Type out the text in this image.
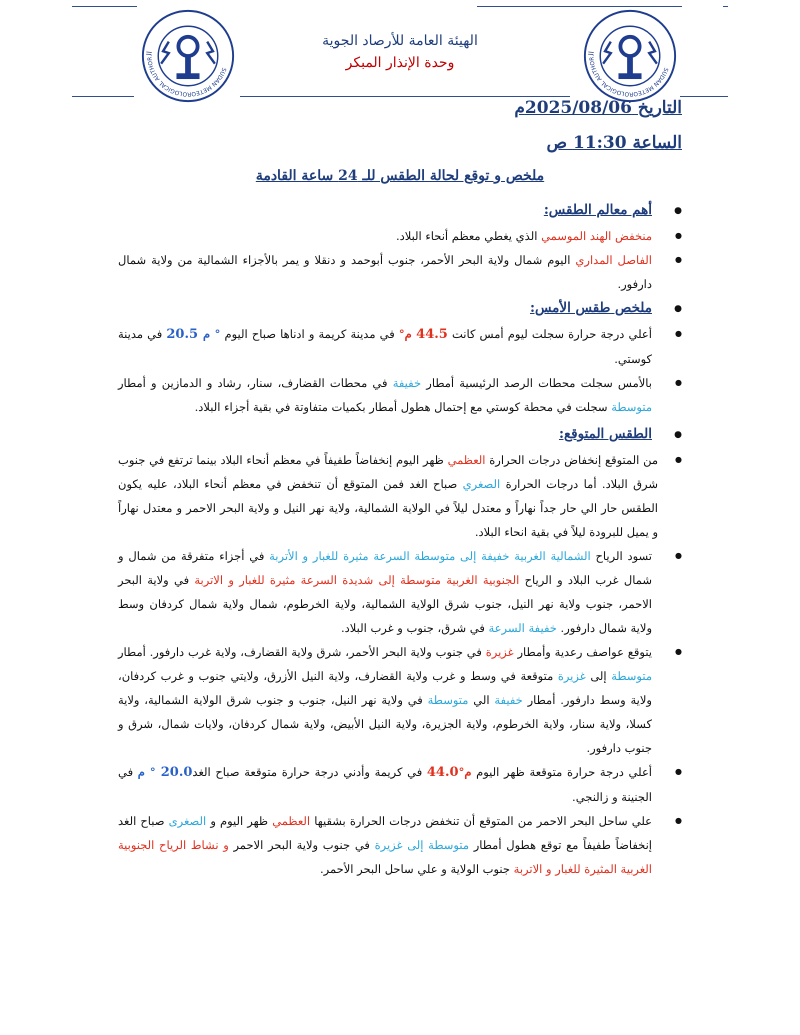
ال
SUDAN METEOROLOGICAL AUTHOR
ال
SUDAN METEOROLOGICAL AUTHOR

الهيئة العامة للأرصاد الجوية

وحدة الإنذار المبكر

التاريخ 2025/08/06م
الساعة 11:30 ص
ملخص و توقع لحالة الطقس للـ 24 ساعة القادمة
● أهم معالم الطقس:
● منخفض الهند الموسمي الذي يغطي معظم أنحاء البلاد.
● الفاصل المداري اليوم شمال ولاية البحر الأحمر، جنوب أبوحمد و دنقلا و يمر بالأجزاء الشمالية من ولاية شمال دارفور.
● ملخص طقس الأمس:
● أعلي درجة حرارة سجلت ليوم أمس كانت 44.5 م° في مدينة كريمة و ادناها صباح اليوم ° م 20.5 في مدينة كوستي.
● بالأمس سجلت محطات الرصد الرئيسية أمطار خفيفة في محطات القضارف، سنار، رشاد و الدمازين و أمطار متوسطة سجلت في محطة كوستي مع إحتمال هطول أمطار بكميات متفاوتة في بقية أجزاء البلاد.
● الطقس المتوقع:
● من المتوقع إنخفاض درجات الحرارة العظمي ظهر اليوم إنخفاضاً طفيفاً في معظم أنحاء البلاد بينما ترتفع في جنوب شرق البلاد. أما درجات الحرارة الصغري صباح الغد فمن المتوقع أن تنخفض في معظم أنحاء البلاد، عليه يكون الطقس حار الي حار جداً نهاراً و معتدل ليلاً في الولاية الشمالية، ولاية نهر النيل و ولاية البحر الاحمر و معتدل نهاراً و يميل للبرودة ليلاً في بقية انحاء البلاد.
● تسود الرياح الشمالية الغربية خفيفة إلى متوسطة السرعة مثيرة للغبار و الأتربة في أجزاء متفرقة من شمال و شمال غرب البلاد و الرياح الجنوبية الغربية متوسطة إلى شديدة السرعة مثيرة للغبار و الاتربة في ولاية البحر الاحمر، جنوب ولاية نهر النيل، جنوب شرق الولاية الشمالية، ولاية الخرطوم، شمال ولاية شمال كردفان وسط ولاية شمال دارفور. خفيفة السرعة في شرق، جنوب و غرب البلاد.
● يتوقع عواصف رعدية وأمطار غزيرة في جنوب ولاية البحر الأحمر، شرق ولاية القضارف، ولاية غرب دارفور. أمطار متوسطة إلى غزيرة متوقعة في وسط و غرب ولاية القضارف، ولاية النيل الأزرق، ولايتي جنوب و غرب كردفان، ولاية وسط دارفور. أمطار خفيفة الي متوسطة في ولاية نهر النيل، جنوب و جنوب شرق الولاية الشمالية، ولاية كسلا، ولاية سنار، ولاية الخرطوم، ولاية الجزيرة، ولاية النيل الأبيض، ولاية شمال كردفان، ولايات شمال، شرق و جنوب دارفور.
● أعلي درجة حرارة متوقعة ظهر اليوم م°44.0 في كريمة وأدني درجة حرارة متوقعة صباح الغد20.0 ° م في الجنينة و زالنجي.
● علي ساحل البحر الاحمر من المتوقع أن تنخفض درجات الحرارة بشقيها العظمي ظهر اليوم و الصغرى صباح الغد إنخفاضاً طفيفاً مع توقع هطول أمطار متوسطة إلى غزيرة في جنوب ولاية البحر الاحمر و نشاط الرياح الجنوبية الغربية المثيرة للغبار و الاتربة جنوب الولاية و علي ساحل البحر الأحمر.
